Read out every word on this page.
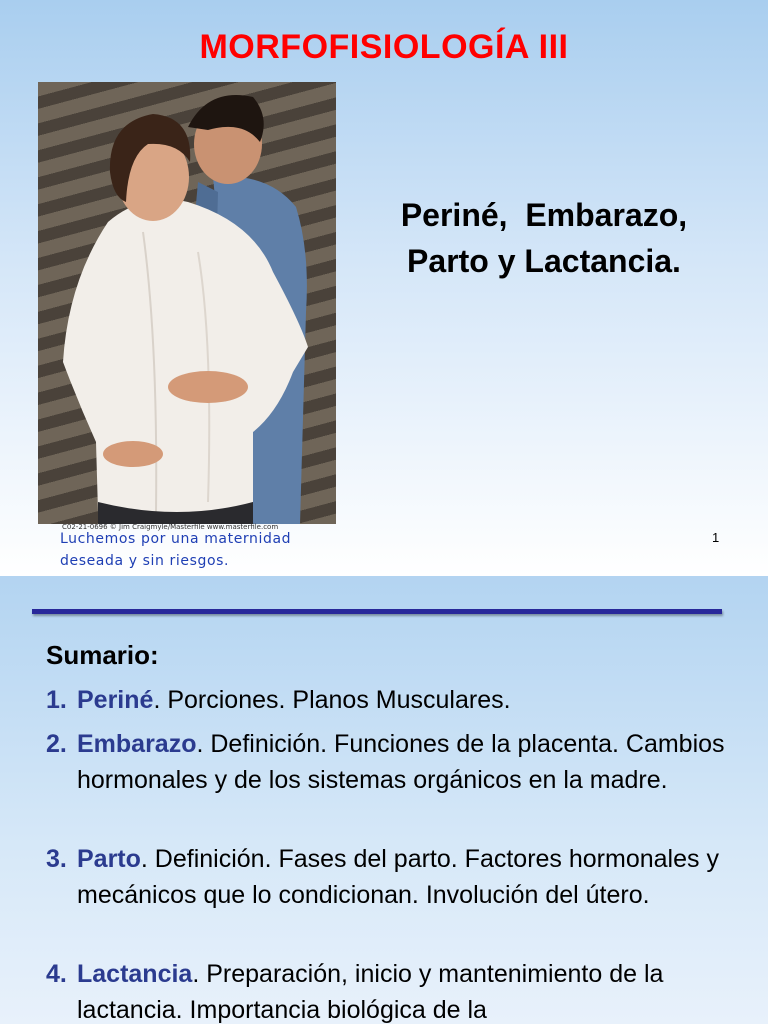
MORFOFISIOLOGÍA III
C02-21-0696 © Jim Craigmyle/Masterfile www.masterfile.com
Luchemos por una maternidad
deseada y sin riesgos.
Periné,  Embarazo,
Parto y Lactancia.
1
Sumario:
1. Periné. Porciones. Planos Musculares.
2. Embarazo. Definición. Funciones de la placenta. Cambios hormonales y de los sistemas orgánicos en la madre.
3. Parto. Definición. Fases del parto. Factores hormonales y mecánicos que lo condicionan. Involución del útero.
4. Lactancia. Preparación, inicio y mantenimiento de la lactancia. Importancia biológica de la
